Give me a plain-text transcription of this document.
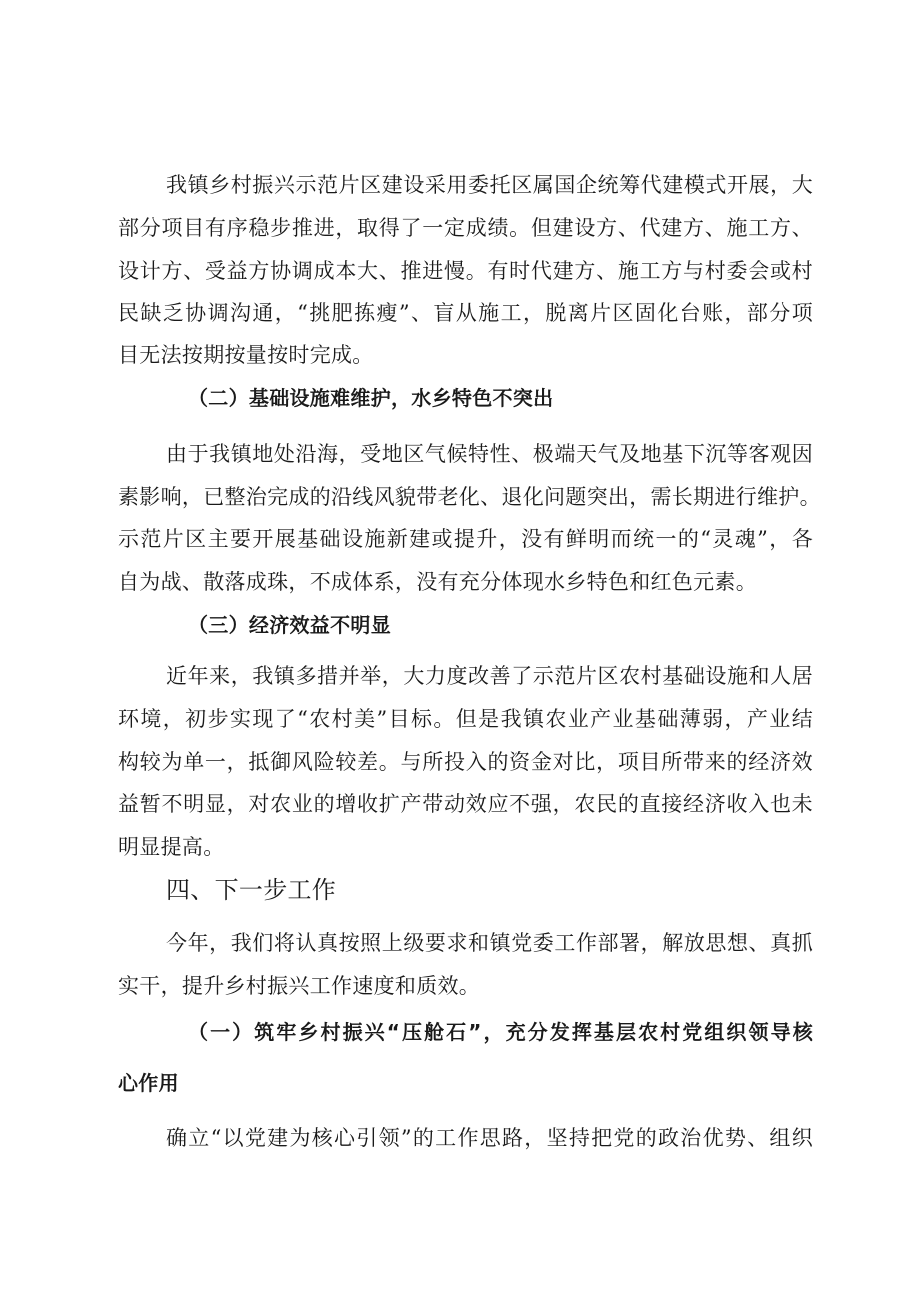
我镇乡村振兴示范片区建设采用委托区属国企统筹代建模式开展，大
部分项目有序稳步推进，取得了一定成绩。但建设方、代建方、施工方、
设计方、受益方协调成本大、推进慢。有时代建方、施工方与村委会或村
民缺乏协调沟通，“挑肥拣瘦”、盲从施工，脱离片区固化台账，部分项
目无法按期按量按时完成。
（二）基础设施难维护，水乡特色不突出
由于我镇地处沿海，受地区气候特性、极端天气及地基下沉等客观因
素影响，已整治完成的沿线风貌带老化、退化问题突出，需长期进行维护。
示范片区主要开展基础设施新建或提升，没有鲜明而统一的“灵魂”，各
自为战、散落成珠，不成体系，没有充分体现水乡特色和红色元素。
（三）经济效益不明显
近年来，我镇多措并举，大力度改善了示范片区农村基础设施和人居
环境，初步实现了“农村美”目标。但是我镇农业产业基础薄弱，产业结
构较为单一，抵御风险较差。与所投入的资金对比，项目所带来的经济效
益暂不明显，对农业的增收扩产带动效应不强，农民的直接经济收入也未
明显提高。
四、下一步工作
今年，我们将认真按照上级要求和镇党委工作部署，解放思想、真抓
实干，提升乡村振兴工作速度和质效。
（一）筑牢乡村振兴“压舱石”，充分发挥基层农村党组织领导核
心作用
确立“以党建为核心引领”的工作思路，坚持把党的政治优势、组织
